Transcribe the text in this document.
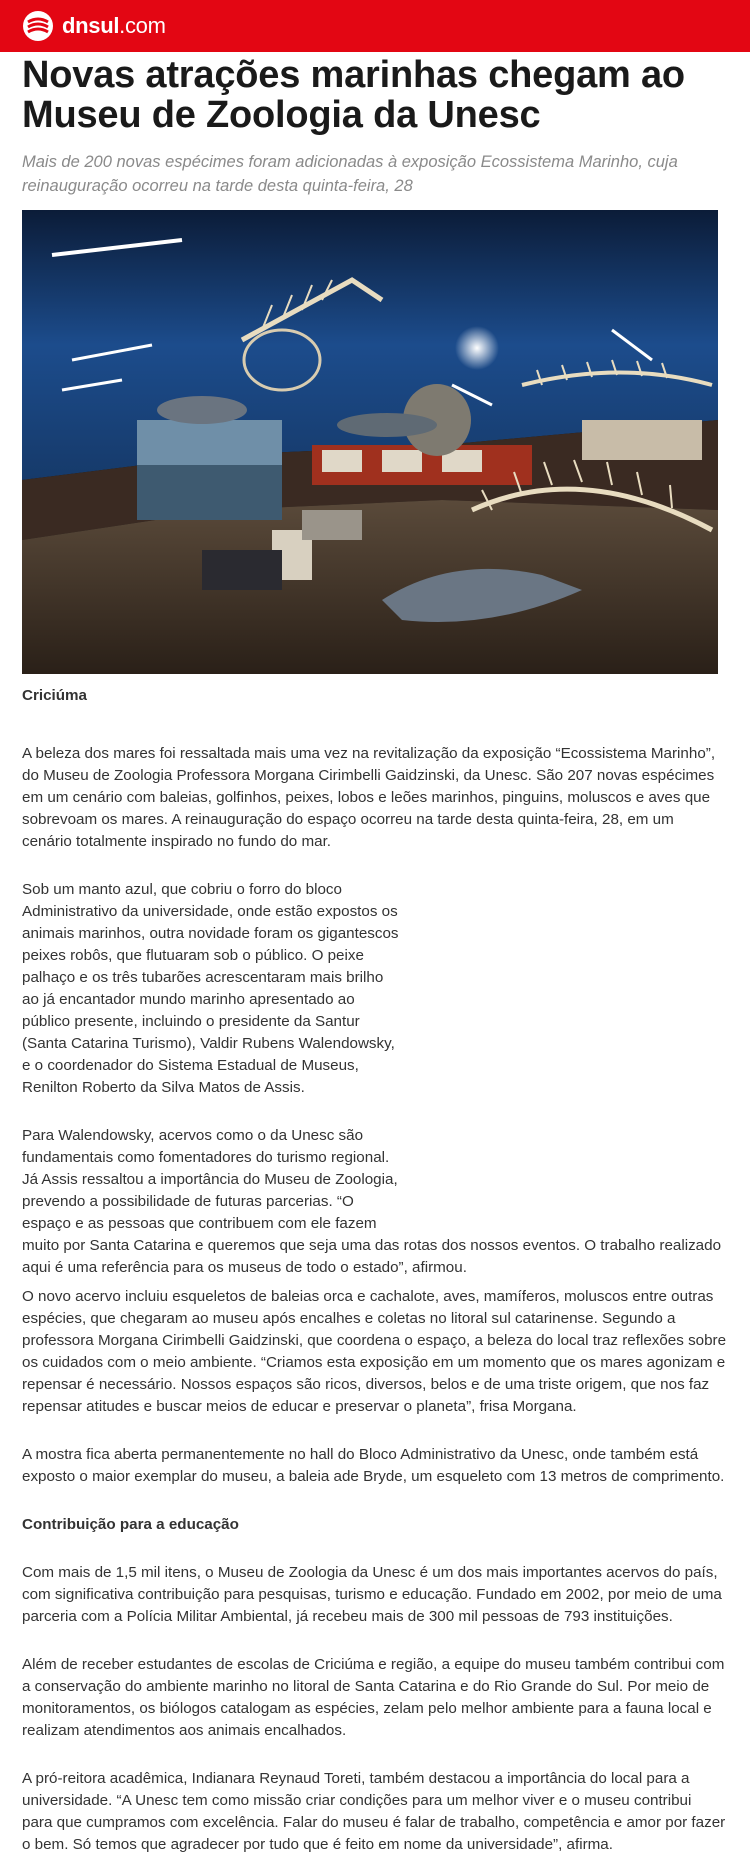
dnsul.com
Novas atrações marinhas chegam ao
Museu de Zoologia da Unesc

Mais de 200 novas espécimes foram adicionadas à exposição Ecossistema Marinho, cuja
reinauguração ocorreu na tarde desta quinta-feira, 28

Criciúma

A beleza dos mares foi ressaltada mais uma vez na revitalização da exposição “Ecossistema Marinho”,
do Museu de Zoologia Professora Morgana Cirimbelli Gaidzinski, da Unesc. São 207 novas espécimes
em um cenário com baleias, golfinhos, peixes, lobos e leões marinhos, pinguins, moluscos e aves que
sobrevoam os mares. A reinauguração do espaço ocorreu na tarde desta quinta-feira, 28, em um
cenário totalmente inspirado no fundo do mar.

Sob um manto azul, que cobriu o forro do bloco
Administrativo da universidade, onde estão expostos os
animais marinhos, outra novidade foram os gigantescos
peixes robôs, que flutuaram sob o público. O peixe
palhaço e os três tubarões acrescentaram mais brilho
ao já encantador mundo marinho apresentado ao
público presente, incluindo o presidente da Santur
(Santa Catarina Turismo), Valdir Rubens Walendowsky,
e o coordenador do Sistema Estadual de Museus,
Renilton Roberto da Silva Matos de Assis.

Para Walendowsky, acervos como o da Unesc são
fundamentais como fomentadores do turismo regional.
Já Assis ressaltou a importância do Museu de Zoologia,
prevendo a possibilidade de futuras parcerias. “O
espaço e as pessoas que contribuem com ele fazem
muito por Santa Catarina e queremos que seja uma das rotas dos nossos eventos. O trabalho realizado
aqui é uma referência para os museus de todo o estado”, afirmou.

O novo acervo incluiu esqueletos de baleias orca e cachalote, aves, mamíferos, moluscos entre outras
espécies, que chegaram ao museu após encalhes e coletas no litoral sul catarinense. Segundo a
professora Morgana Cirimbelli Gaidzinski, que coordena o espaço, a beleza do local traz reflexões sobre
os cuidados com o meio ambiente. “Criamos esta exposição em um momento que os mares agonizam e
repensar é necessário. Nossos espaços são ricos, diversos, belos e de uma triste origem, que nos faz
repensar atitudes e buscar meios de educar e preservar o planeta”, frisa Morgana.

A mostra fica aberta permanentemente no hall do Bloco Administrativo da Unesc, onde também está
exposto o maior exemplar do museu, a baleia ade Bryde, um esqueleto com 13 metros de comprimento.

Contribuição para a educação

Com mais de 1,5 mil itens, o Museu de Zoologia da Unesc é um dos mais importantes acervos do país,
com significativa contribuição para pesquisas, turismo e educação. Fundado em 2002, por meio de uma
parceria com a Polícia Militar Ambiental, já recebeu mais de 300 mil pessoas de 793 instituições.

Além de receber estudantes de escolas de Criciúma e região, a equipe do museu também contribui com
a conservação do ambiente marinho no litoral de Santa Catarina e do Rio Grande do Sul. Por meio de
monitoramentos, os biólogos catalogam as espécies, zelam pelo melhor ambiente para a fauna local e
realizam atendimentos aos animais encalhados.

A pró-reitora acadêmica, Indianara Reynaud Toreti, também destacou a importância do local para a
universidade. “A Unesc tem como missão criar condições para um melhor viver e o museu contribui
para que cumpramos com excelência. Falar do museu é falar de trabalho, competência e amor por fazer
o bem. Só temos que agradecer por tudo que é feito em nome da universidade”, afirma.
